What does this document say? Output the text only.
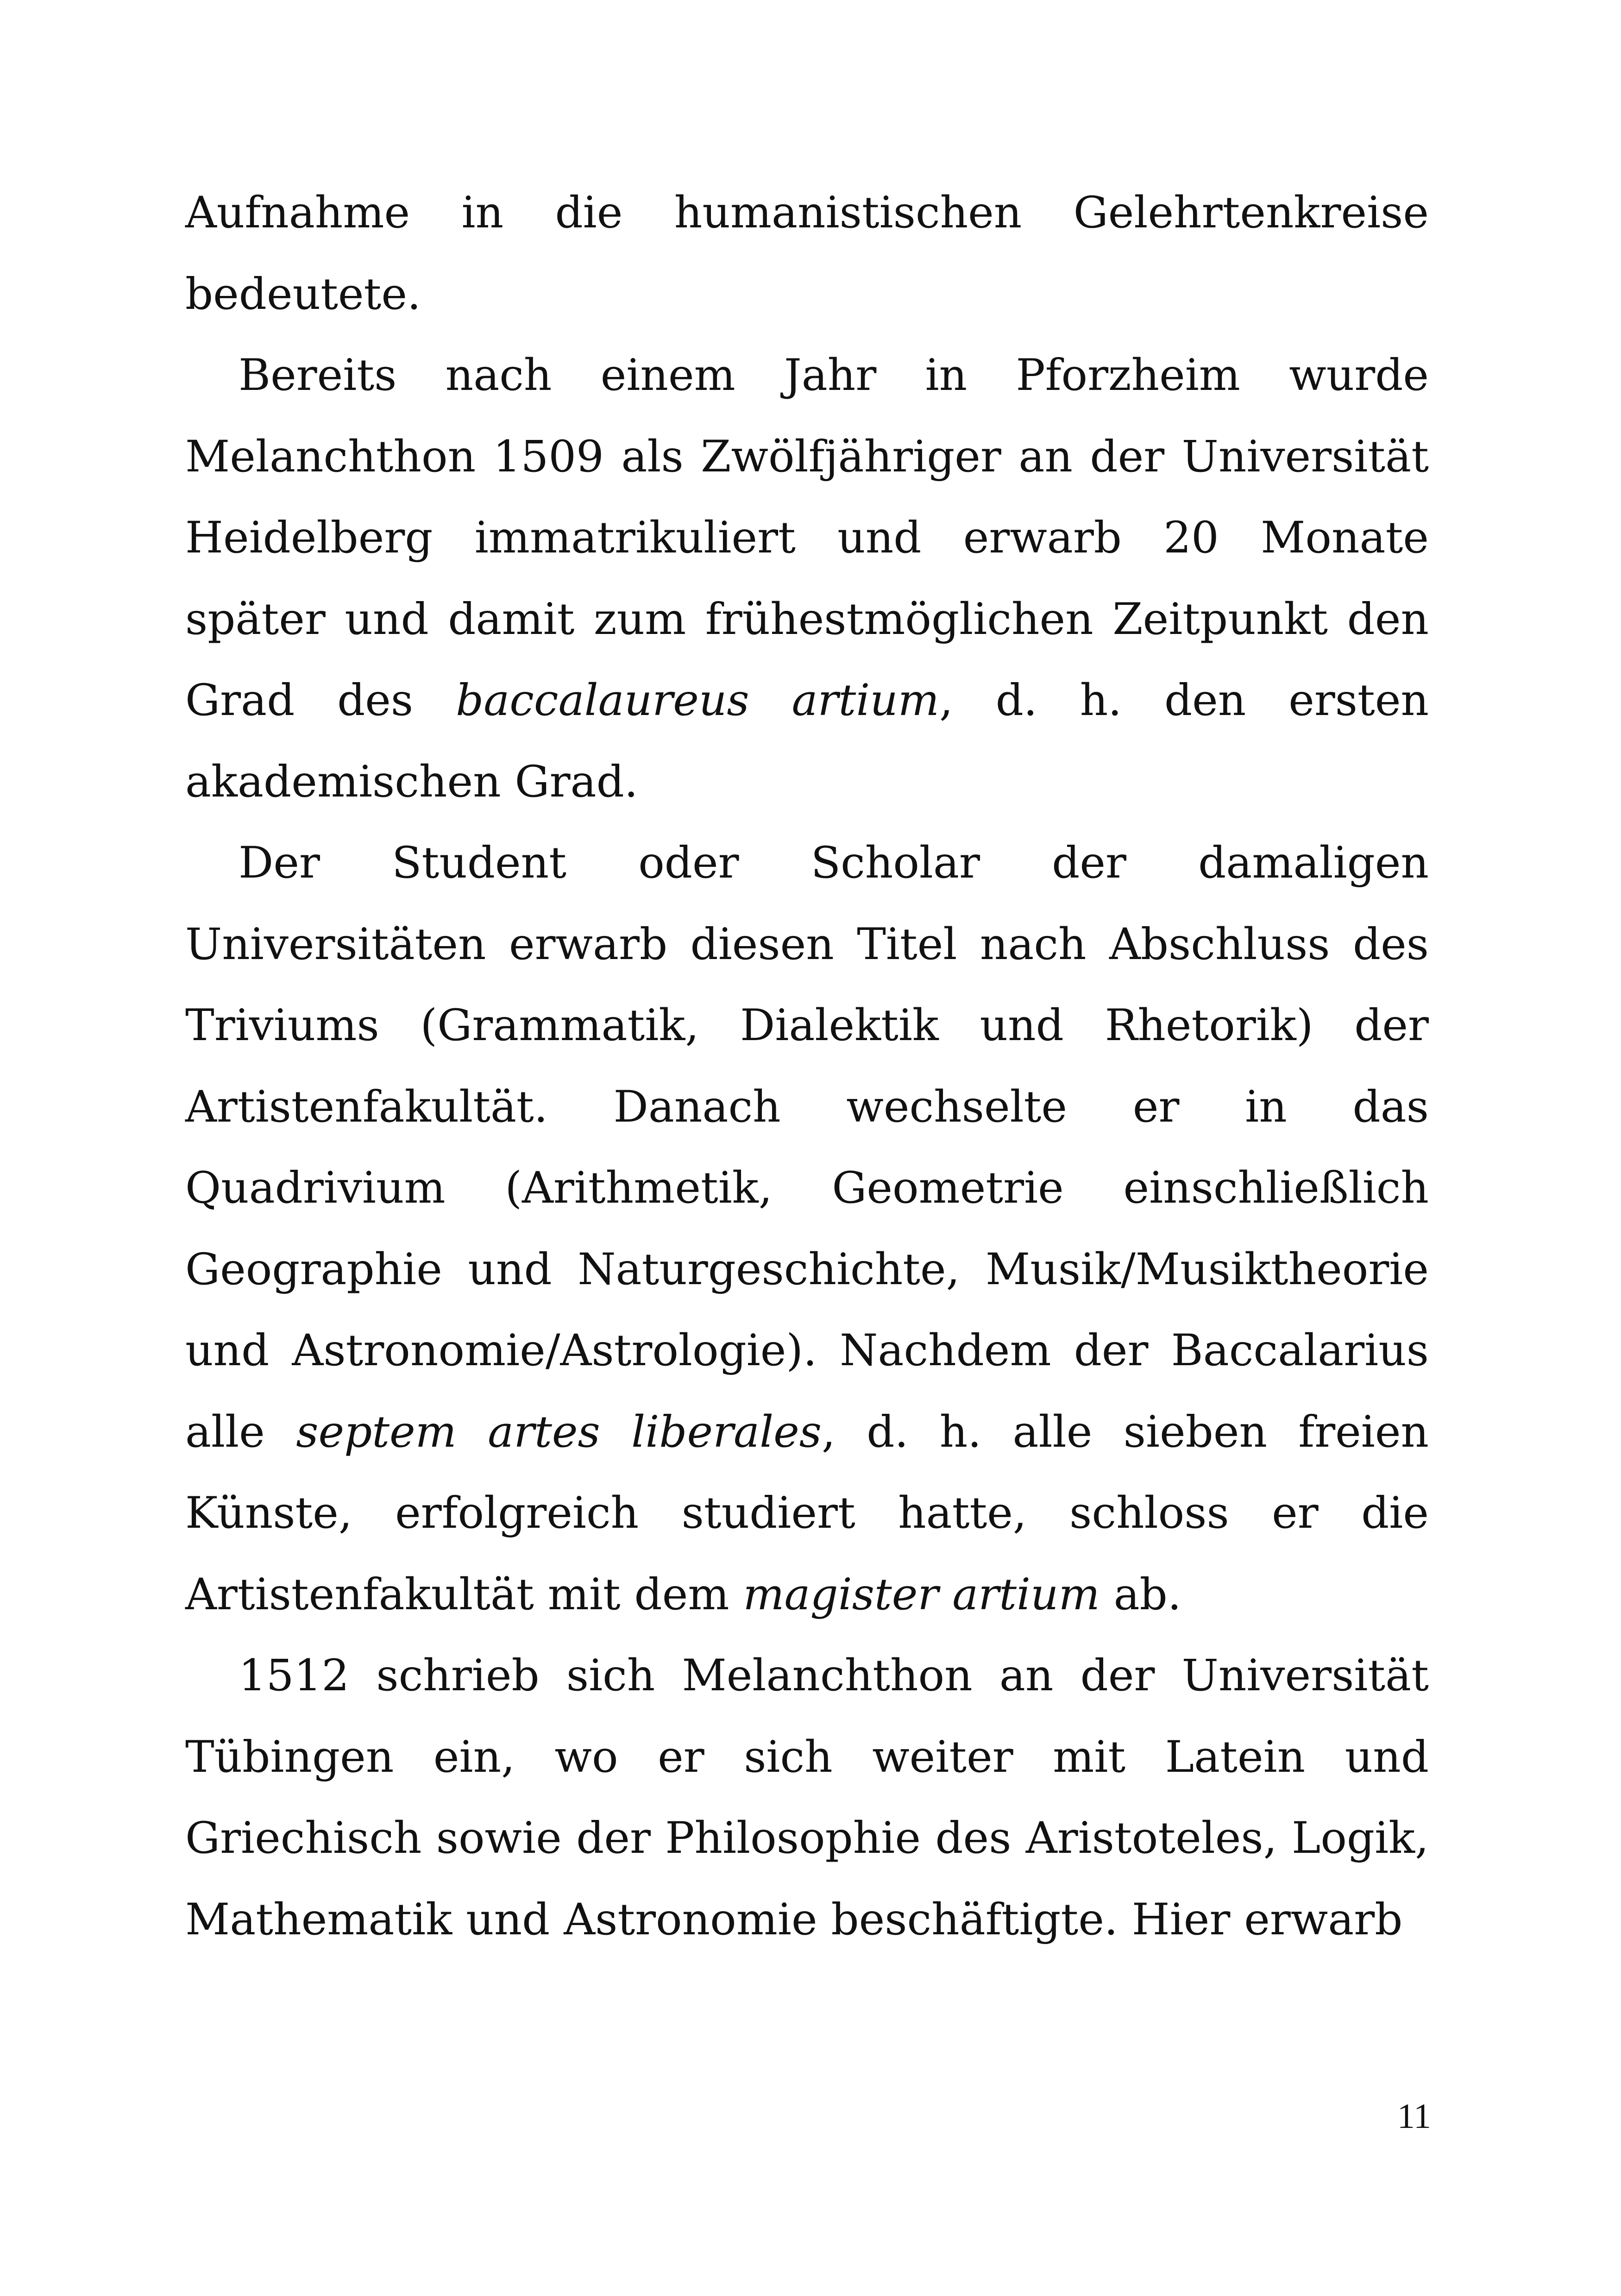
Aufnahme in die humanistischen Gelehrtenkreise bedeutete.

Bereits nach einem Jahr in Pforzheim wurde Melanchthon 1509 als Zwölfjähriger an der Universität Heidelberg immatrikuliert und erwarb 20 Monate später und damit zum frühestmöglichen Zeitpunkt den Grad des baccalaureus artium, d. h. den ersten akademischen Grad.

Der Student oder Scholar der damaligen Universitäten erwarb diesen Titel nach Abschluss des Triviums (Grammatik, Dialektik und Rhetorik) der Artistenfakultät. Danach wechselte er in das Quadrivium (Arithmetik, Geometrie einschließlich Geographie und Naturgeschichte, Musik/Musiktheorie und Astronomie/Astrologie). Nachdem der Baccalarius alle septem artes liberales, d. h. alle sieben freien Künste, erfolgreich studiert hatte, schloss er die Artistenfakultät mit dem magister artium ab.

1512 schrieb sich Melanchthon an der Universität Tübingen ein, wo er sich weiter mit Latein und Griechisch sowie der Philosophie des Aristoteles, Logik, Mathematik und Astronomie beschäftigte. Hier erwarb

11
